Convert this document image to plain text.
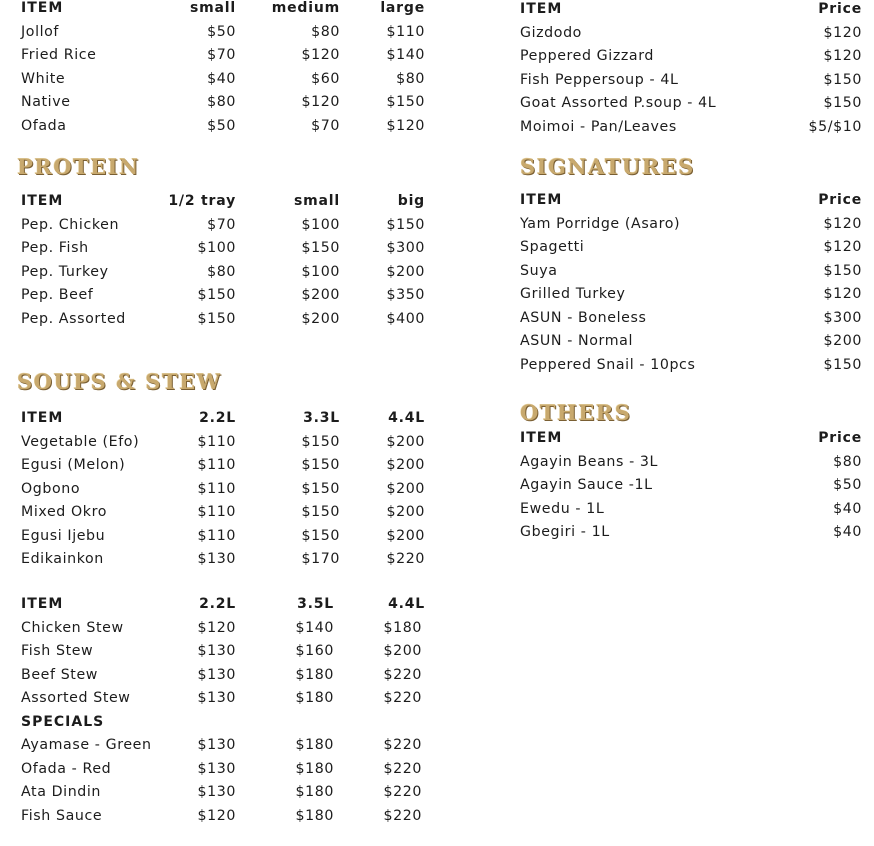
ITEM	small	medium	large
Jollof	$50	$80	$110
Fried Rice	$70	$120	$140
White	$40	$60	$80
Native	$80	$120	$150
Ofada	$50	$70	$120
PROTEIN
ITEM	1/2 tray	small	big
Pep. Chicken	$70	$100	$150
Pep. Fish	$100	$150	$300
Pep. Turkey	$80	$100	$200
Pep. Beef	$150	$200	$350
Pep. Assorted	$150	$200	$400
SOUPS & STEW
ITEM	2.2L	3.3L	4.4L
Vegetable (Efo)	$110	$150	$200
Egusi (Melon)	$110	$150	$200
Ogbono	$110	$150	$200
Mixed Okro	$110	$150	$200
Egusi Ijebu	$110	$150	$200
Edikainkon	$130	$170	$220
ITEM	2.2L	3.5L	4.4L
Chicken Stew	$120	$140	$180
Fish Stew	$130	$160	$200
Beef Stew	$130	$180	$220
Assorted Stew	$130	$180	$220
SPECIALS
Ayamase - Green	$130	$180	$220
Ofada - Red	$130	$180	$220
Ata Dindin	$130	$180	$220
Fish Sauce	$120	$180	$220
ITEM	Price
Gizdodo	$120
Peppered Gizzard	$120
Fish Peppersoup - 4L	$150
Goat Assorted P.soup - 4L	$150
Moimoi - Pan/Leaves	$5/$10
SIGNATURES
ITEM	Price
Yam Porridge (Asaro)	$120
Spagetti	$120
Suya	$150
Grilled Turkey	$120
ASUN - Boneless	$300
ASUN - Normal	$200
Peppered Snail - 10pcs	$150
OTHERS
ITEM	Price
Agayin Beans - 3L	$80
Agayin Sauce -1L	$50
Ewedu - 1L	$40
Gbegiri - 1L	$40
